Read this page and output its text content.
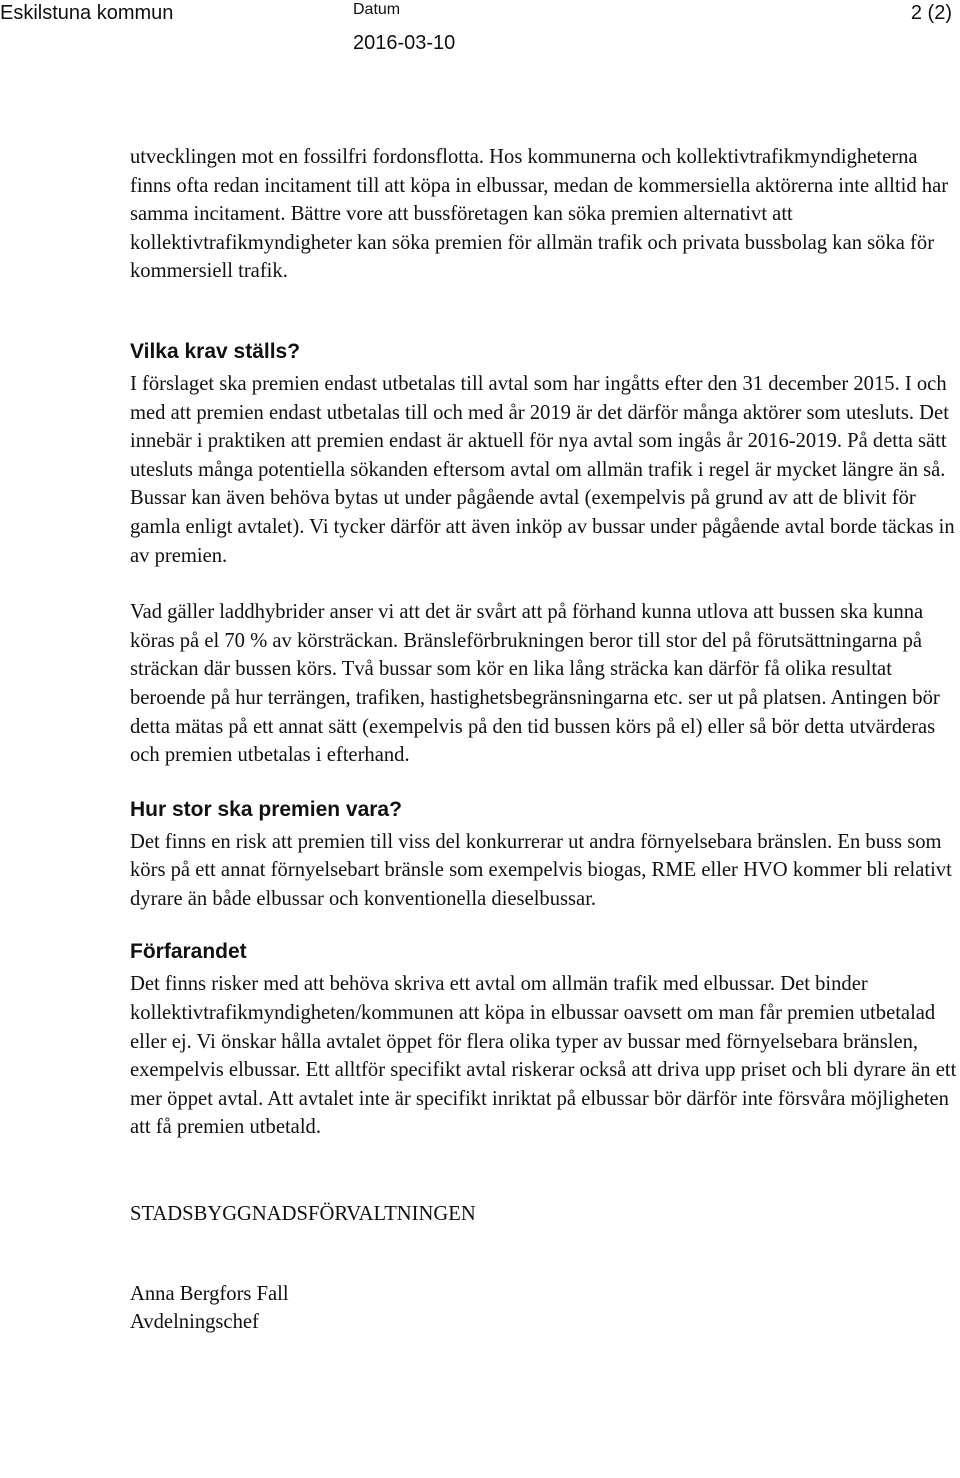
Eskilstuna kommun	Datum
2016-03-10
2 (2)

utvecklingen mot en fossilfri fordonsflotta. Hos kommunerna och kollektivtrafikmyndigheterna finns ofta redan incitament till att köpa in elbussar, medan de kommersiella aktörerna inte alltid har samma incitament. Bättre vore att bussföretagen kan söka premien alternativt att kollektivtrafikmyndigheter kan söka premien för allmän trafik och privata bussbolag kan söka för kommersiell trafik.

Vilka krav ställs?

I förslaget ska premien endast utbetalas till avtal som har ingåtts efter den 31 december 2015. I och med att premien endast utbetalas till och med år 2019 är det därför många aktörer som utesluts. Det innebär i praktiken att premien endast är aktuell för nya avtal som ingås år 2016-2019. På detta sätt utesluts många potentiella sökanden eftersom avtal om allmän trafik i regel är mycket längre än så. Bussar kan även behöva bytas ut under pågående avtal (exempelvis på grund av att de blivit för gamla enligt avtalet). Vi tycker därför att även inköp av bussar under pågående avtal borde täckas in av premien.

Vad gäller laddhybrider anser vi att det är svårt att på förhand kunna utlova att bussen ska kunna köras på el 70 % av körsträckan. Bränsleförbrukningen beror till stor del på förutsättningarna på sträckan där bussen körs. Två bussar som kör en lika lång sträcka kan därför få olika resultat beroende på hur terrängen, trafiken, hastighetsbegränsningarna etc. ser ut på platsen. Antingen bör detta mätas på ett annat sätt (exempelvis på den tid bussen körs på el) eller så bör detta utvärderas och premien utbetalas i efterhand.

Hur stor ska premien vara?

Det finns en risk att premien till viss del konkurrerar ut andra förnyelsebara bränslen. En buss som körs på ett annat förnyelsebart bränsle som exempelvis biogas, RME eller HVO kommer bli relativt dyrare än både elbussar och konventionella dieselbussar.

Förfarandet

Det finns risker med att behöva skriva ett avtal om allmän trafik med elbussar. Det binder kollektivtrafikmyndigheten/kommunen att köpa in elbussar oavsett om man får premien utbetalad eller ej. Vi önskar hålla avtalet öppet för flera olika typer av bussar med förnyelsebara bränslen, exempelvis elbussar. Ett alltför specifikt avtal riskerar också att driva upp priset och bli dyrare än ett mer öppet avtal. Att avtalet inte är specifikt inriktat på elbussar bör därför inte försvåra möjligheten att få premien utbetald.

STADSBYGGNADSFÖRVALTNINGEN

Anna Bergfors Fall

Avdelningschef
